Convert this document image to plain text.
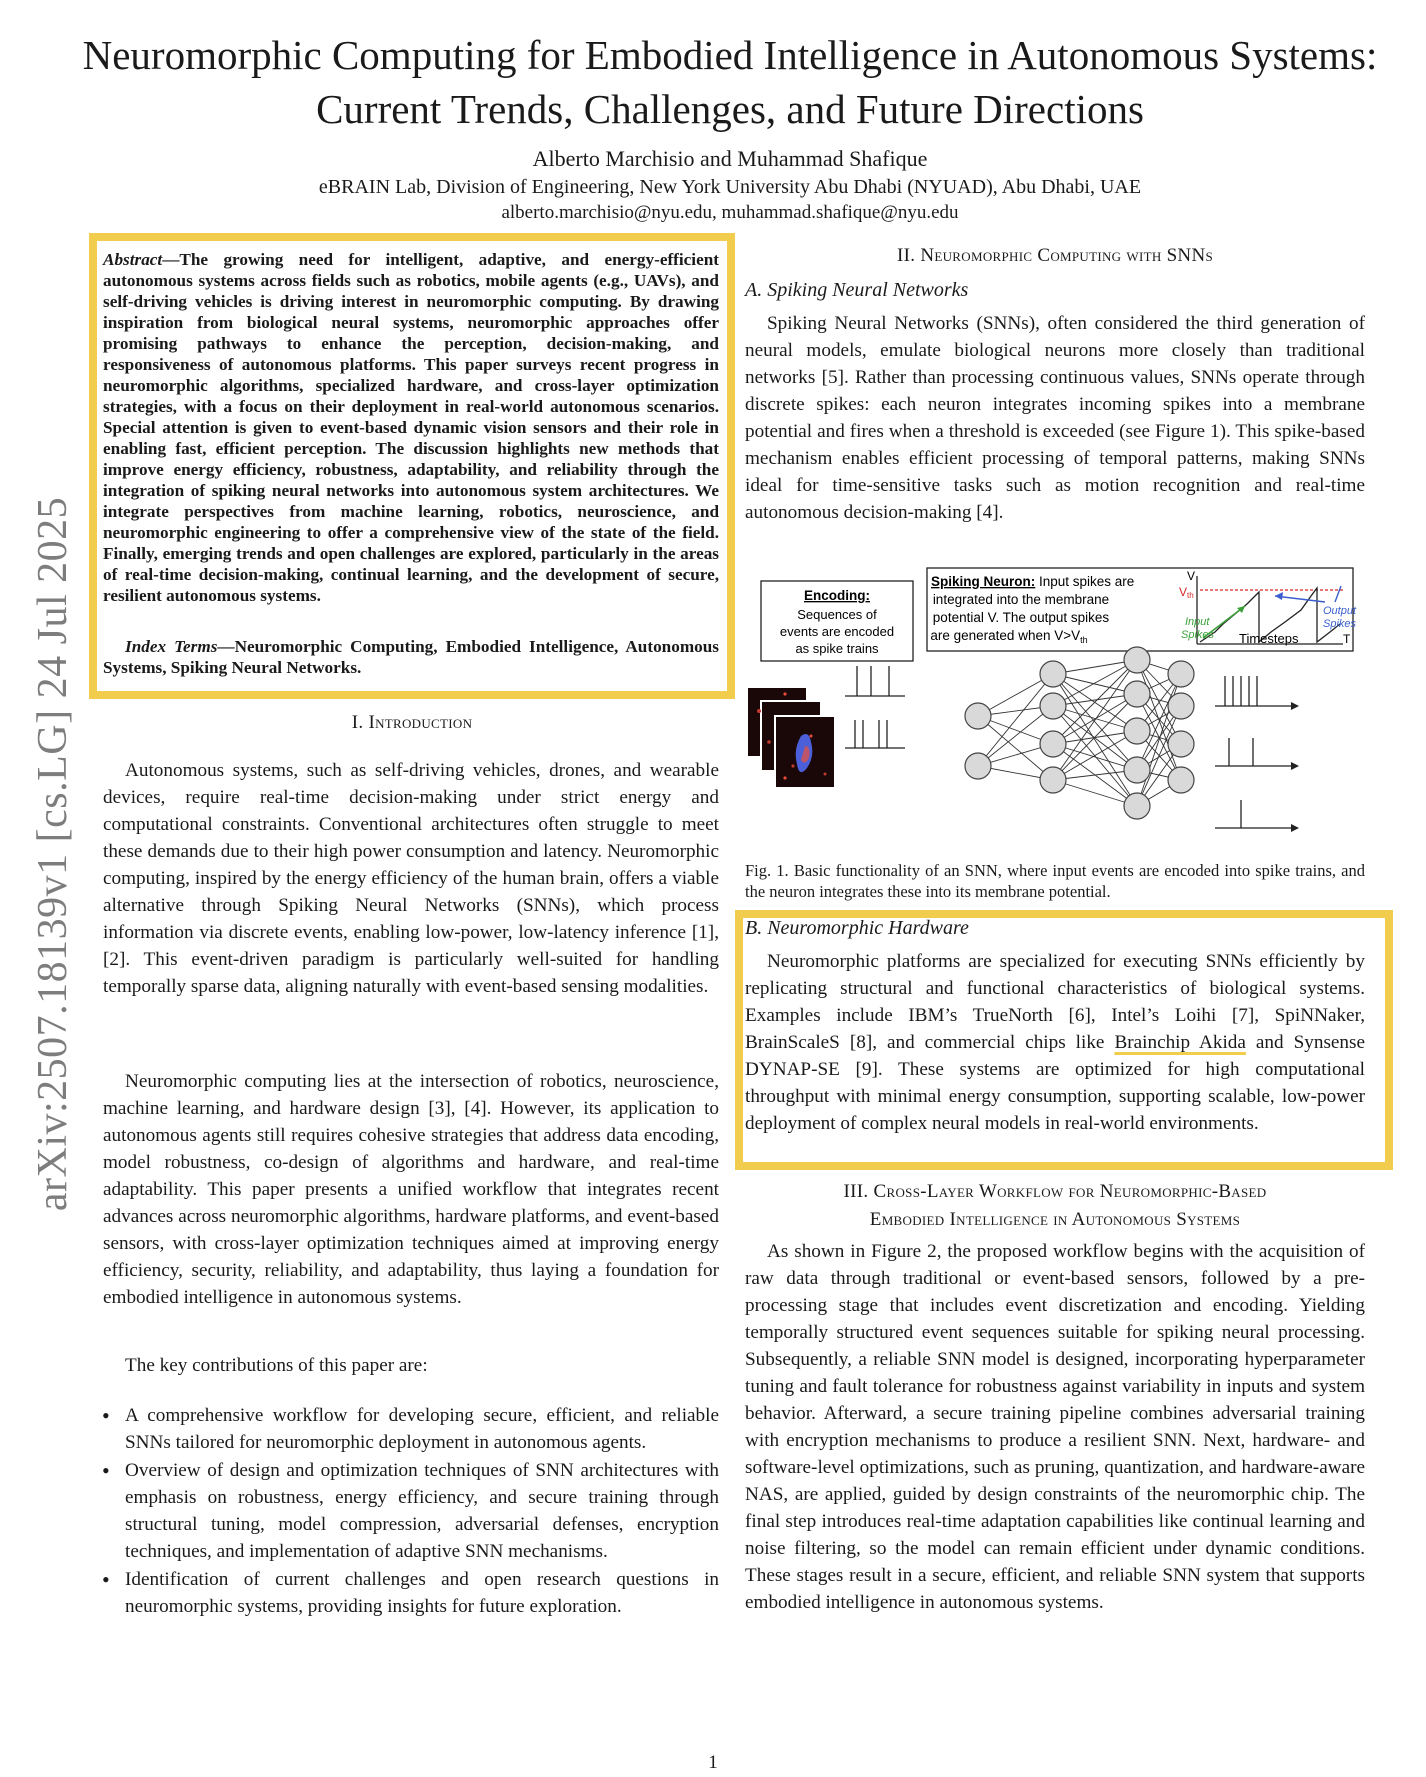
Neuromorphic Computing for Embodied Intelligence in Autonomous Systems: Current Trends, Challenges, and Future Directions
Alberto Marchisio and Muhammad Shafique
eBRAIN Lab, Division of Engineering, New York University Abu Dhabi (NYUAD), Abu Dhabi, UAE
alberto.marchisio@nyu.edu, muhammad.shafique@nyu.edu
arXiv:2507.18139v1 [cs.LG] 24 Jul 2025
Abstract—The growing need for intelligent, adaptive, and energy-efficient autonomous systems across fields such as robotics, mobile agents (e.g., UAVs), and self-driving vehicles is driving interest in neuromorphic computing. By drawing inspiration from biological neural systems, neuromorphic approaches offer promising pathways to enhance the perception, decision-making, and responsiveness of autonomous platforms. This paper surveys recent progress in neuromorphic algorithms, specialized hardware, and cross-layer optimization strategies, with a focus on their deployment in real-world autonomous scenarios. Special attention is given to event-based dynamic vision sensors and their role in enabling fast, efficient perception. The discussion highlights new methods that improve energy efficiency, robustness, adaptability, and reliability through the integration of spiking neural networks into autonomous system architectures. We integrate perspectives from machine learning, robotics, neuroscience, and neuromorphic engineering to offer a comprehensive view of the state of the field. Finally, emerging trends and open challenges are explored, particularly in the areas of real-time decision-making, continual learning, and the development of secure, resilient autonomous systems.
Index Terms—Neuromorphic Computing, Embodied Intelligence, Autonomous Systems, Spiking Neural Networks.
I. Introduction
Autonomous systems, such as self-driving vehicles, drones, and wearable devices, require real-time decision-making under strict energy and computational constraints. Conventional architectures often struggle to meet these demands due to their high power consumption and latency. Neuromorphic computing, inspired by the energy efficiency of the human brain, offers a viable alternative through Spiking Neural Networks (SNNs), which process information via discrete events, enabling low-power, low-latency inference [1], [2]. This event-driven paradigm is particularly well-suited for handling temporally sparse data, aligning naturally with event-based sensing modalities.
Neuromorphic computing lies at the intersection of robotics, neuroscience, machine learning, and hardware design [3], [4]. However, its application to autonomous agents still requires cohesive strategies that address data encoding, model robustness, co-design of algorithms and hardware, and real-time adaptability. This paper presents a unified workflow that integrates recent advances across neuromorphic algorithms, hardware platforms, and event-based sensors, with cross-layer optimization techniques aimed at improving energy efficiency, security, reliability, and adaptability, thus laying a foundation for embodied intelligence in autonomous systems.
The key contributions of this paper are:
• A comprehensive workflow for developing secure, efficient, and reliable SNNs tailored for neuromorphic deployment in autonomous agents.
• Overview of design and optimization techniques of SNN architectures with emphasis on robustness, energy efficiency, and secure training through structural tuning, model compression, adversarial defenses, encryption techniques, and implementation of adaptive SNN mechanisms.
• Identification of current challenges and open research questions in neuromorphic systems, providing insights for future exploration.
II. Neuromorphic Computing with SNNs
A. Spiking Neural Networks
Spiking Neural Networks (SNNs), often considered the third generation of neural models, emulate biological neurons more closely than traditional networks [5]. Rather than processing continuous values, SNNs operate through discrete spikes: each neuron integrates incoming spikes into a membrane potential and fires when a threshold is exceeded (see Figure 1). This spike-based mechanism enables efficient processing of temporal patterns, making SNNs ideal for time-sensitive tasks such as motion recognition and real-time autonomous decision-making [4].
Encoding:
Sequences of
events are encoded
as spike trains
Spiking Neuron: Input spikes are
integrated into the membrane
potential V. The output spikes
are generated when $V>V_{th}$
V
Vth
Input
Spikes
Output
Spikes
Timesteps	T
Fig. 1. Basic functionality of an SNN, where input events are encoded into spike trains, and the neuron integrates these into its membrane potential.
B. Neuromorphic Hardware
Neuromorphic platforms are specialized for executing SNNs efficiently by replicating structural and functional characteristics of biological systems. Examples include IBM’s TrueNorth [6], Intel’s Loihi [7], SpiNNaker, BrainScaleS [8], and commercial chips like Brainchip Akida and Synsense DYNAP-SE [9]. These systems are optimized for high computational throughput with minimal energy consumption, supporting scalable, low-power deployment of complex neural models in real-world environments.
III. Cross-Layer Workflow for Neuromorphic-Based
Embodied Intelligence in Autonomous Systems
As shown in Figure 2, the proposed workflow begins with the acquisition of raw data through traditional or event-based sensors, followed by a pre-processing stage that includes event discretization and encoding. Yielding temporally structured event sequences suitable for spiking neural processing. Subsequently, a reliable SNN model is designed, incorporating hyperparameter tuning and fault tolerance for robustness against variability in inputs and system behavior. Afterward, a secure training pipeline combines adversarial training with encryption mechanisms to produce a resilient SNN. Next, hardware- and software-level optimizations, such as pruning, quantization, and hardware-aware NAS, are applied, guided by design constraints of the neuromorphic chip. The final step introduces real-time adaptation capabilities like continual learning and noise filtering, so the model can remain efficient under dynamic conditions. These stages result in a secure, efficient, and reliable SNN system that supports embodied intelligence in autonomous systems.
1
